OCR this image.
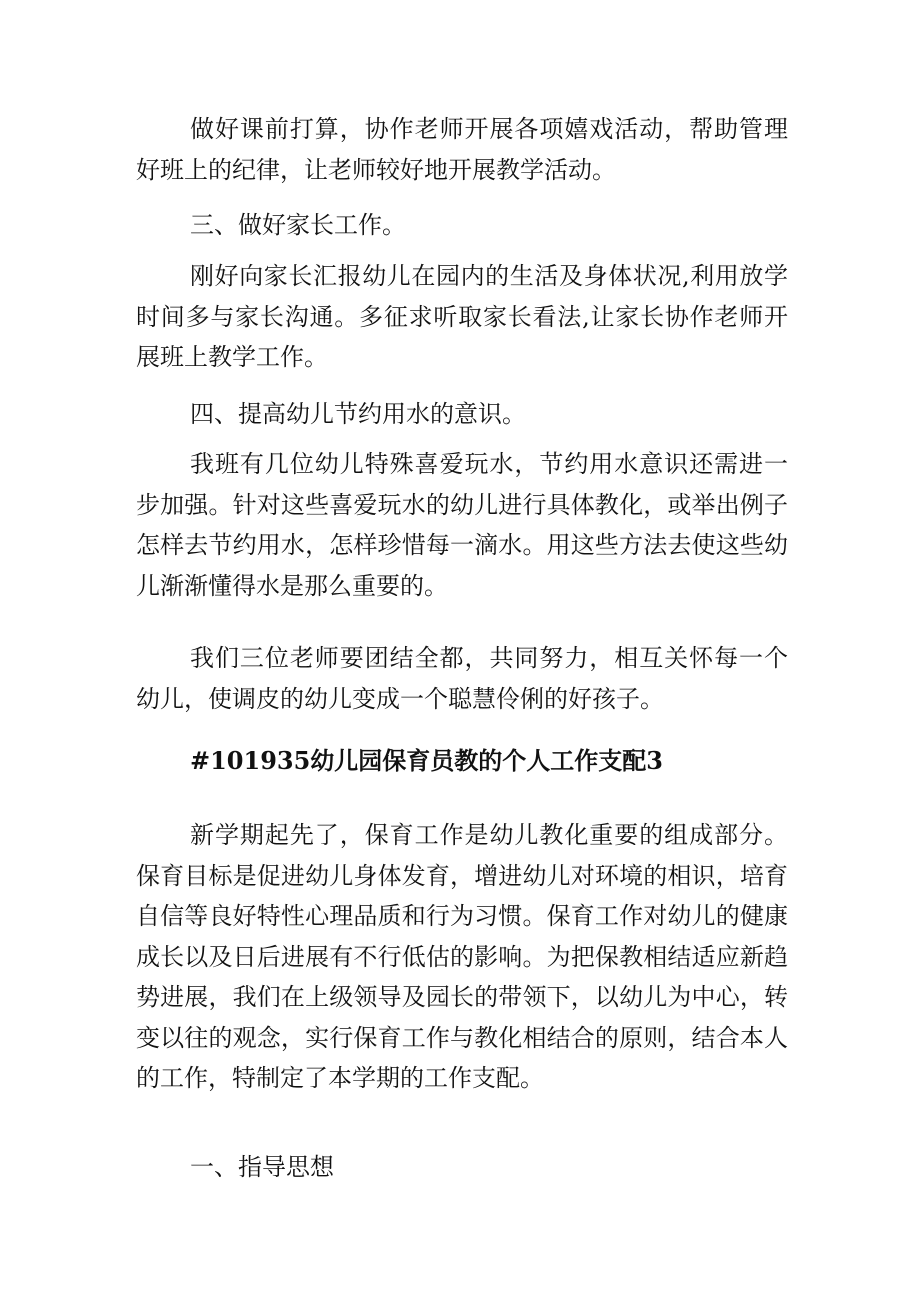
做好课前打算，协作老师开展各项嬉戏活动，帮助管理好班上的纪律，让老师较好地开展教学活动。

三、做好家长工作。

刚好向家长汇报幼儿在园内的生活及身体状况,利用放学时间多与家长沟通。多征求听取家长看法,让家长协作老师开展班上教学工作。

四、提高幼儿节约用水的意识。

我班有几位幼儿特殊喜爱玩水，节约用水意识还需进一步加强。针对这些喜爱玩水的幼儿进行具体教化，或举出例子怎样去节约用水，怎样珍惜每一滴水。用这些方法去使这些幼儿渐渐懂得水是那么重要的。

我们三位老师要团结全都，共同努力，相互关怀每一个幼儿，使调皮的幼儿变成一个聪慧伶俐的好孩子。

#101935幼儿园保育员教的个人工作支配3

新学期起先了，保育工作是幼儿教化重要的组成部分。保育目标是促进幼儿身体发育，增进幼儿对环境的相识，培育自信等良好特性心理品质和行为习惯。保育工作对幼儿的健康成长以及日后进展有不行低估的影响。为把保教相结适应新趋势进展，我们在上级领导及园长的带领下，以幼儿为中心，转变以往的观念，实行保育工作与教化相结合的原则，结合本人的工作，特制定了本学期的工作支配。

一、指导思想
